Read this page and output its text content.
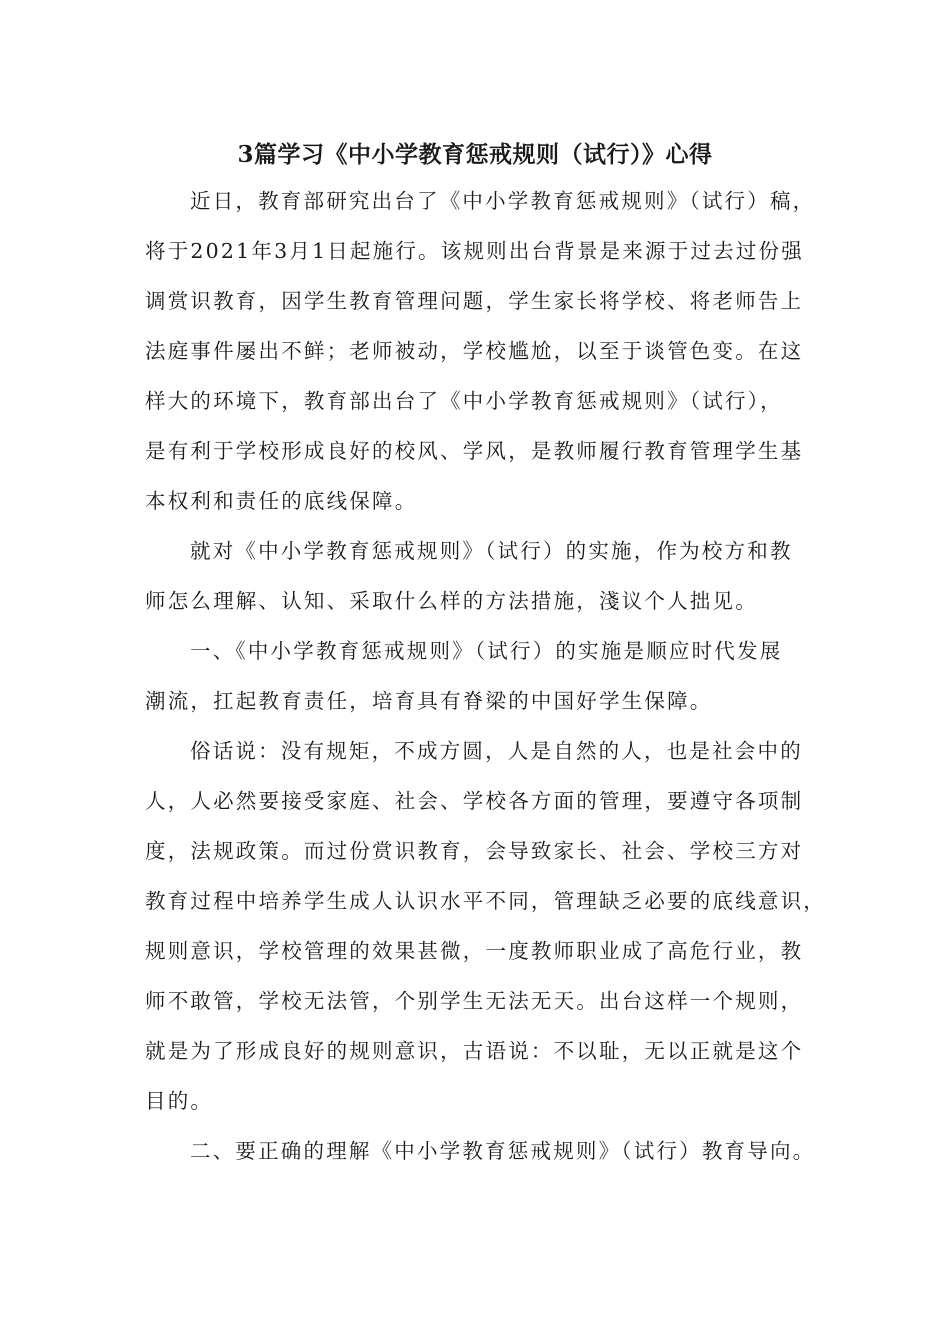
3篇学习《中小学教育惩戒规则（试行）》心得
近日，教育部研究出台了《中小学教育惩戒规则》（试行）稿，
将于2021年3月1日起施行。该规则出台背景是来源于过去过份强
调赏识教育，因学生教育管理问题，学生家长将学校、将老师告上
法庭事件屡出不鲜；老师被动，学校尴尬，以至于谈管色变。在这
样大的环境下，教育部出台了《中小学教育惩戒规则》（试行），
是有利于学校形成良好的校风、学风，是教师履行教育管理学生基
本权利和责任的底线保障。
就对《中小学教育惩戒规则》（试行）的实施，作为校方和教
师怎么理解、认知、采取什么样的方法措施，淺议个人拙见。
一、《中小学教育惩戒规则》（试行）的实施是顺应时代发展
潮流，扛起教育责任，培育具有脊梁的中国好学生保障。
俗话说：没有规矩，不成方圆，人是自然的人，也是社会中的
人，人必然要接受家庭、社会、学校各方面的管理，要遵守各项制
度，法规政策。而过份赏识教育，会导致家长、社会、学校三方对
教育过程中培养学生成人认识水平不同，管理缺乏必要的底线意识，
规则意识，学校管理的效果甚微，一度教师职业成了高危行业，教
师不敢管，学校无法管，个别学生无法无天。出台这样一个规则，
就是为了形成良好的规则意识，古语说：不以耻，无以正就是这个
目的。
二、要正确的理解《中小学教育惩戒规则》（试行）教育导向。
